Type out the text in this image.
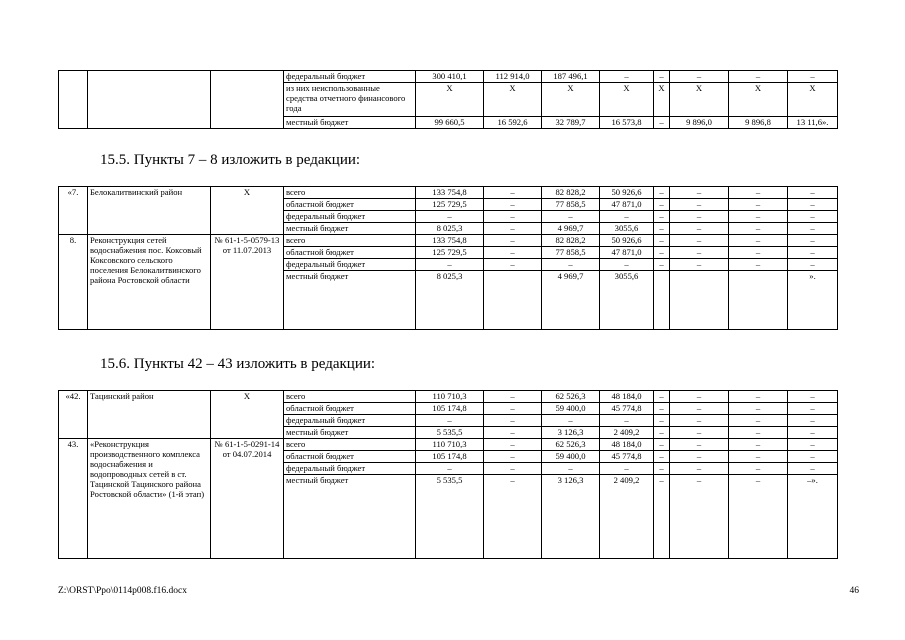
			федеральный бюджет	300 410,1	112 914,0	187 496,1	–	–	–	–	–
			из них неиспользованные средства отчетного финансового года	X	X	X	X	X	X	X	X
			местный бюджет	99 660,5	16 592,6	32 789,7	16 573,8	–	9 896,0	9 896,8	13 11,6».
15.5. Пункты 7 – 8 изложить в редакции:
«7.	Белокалитвинский район	X	всего	133 754,8	–	82 828,2	50 926,6	–	–	–	–
			областной бюджет	125 729,5	–	77 858,5	47 871,0	–	–	–	–
			федеральный бюджет	–	–	–	–	–	–	–	–
			местный бюджет	8 025,3	–	4 969,7	3055,6	–	–	–	–
8.	Реконструкция сетей водоснабжения пос. Коксовый Коксовского сельского поселения Белокалитвинского района Ростовской области	№ 61-1-5-0579-13 от 11.07.2013	всего	133 754,8	–	82 828,2	50 926,6	–	–	–	–
			областной бюджет	125 729,5	–	77 858,5	47 871,0	–	–	–	–
			федеральный бюджет	–	–	–	–	–	–	–	–
			местный бюджет	8 025,3		4 969,7	3055,6				».
15.6. Пункты 42 – 43 изложить в редакции:
«42.	Тацинский район	X	всего	110 710,3	–	62 526,3	48 184,0	–	–	–	–
			областной бюджет	105 174,8	–	59 400,0	45 774,8	–	–	–	–
			федеральный бюджет	–	–	–	–	–	–	–	–
			местный бюджет	5 535,5	–	3 126,3	2 409,2	–	–	–	–
43.	«Реконструкция производственного комплекса водоснабжения и водопроводных сетей в ст. Тацинской Тацинского района Ростовской области» (1-й этап)	№ 61-1-5-0291-14 от 04.07.2014	всего	110 710,3	–	62 526,3	48 184,0	–	–	–	–
			областной бюджет	105 174,8	–	59 400,0	45 774,8	–	–	–	–
			федеральный бюджет	–	–	–	–	–	–	–	–
			местный бюджет	5 535,5	–	3 126,3	2 409,2	–	–	–	–».
Z:\ORST\Ppo\0114p008.f16.docx	46
